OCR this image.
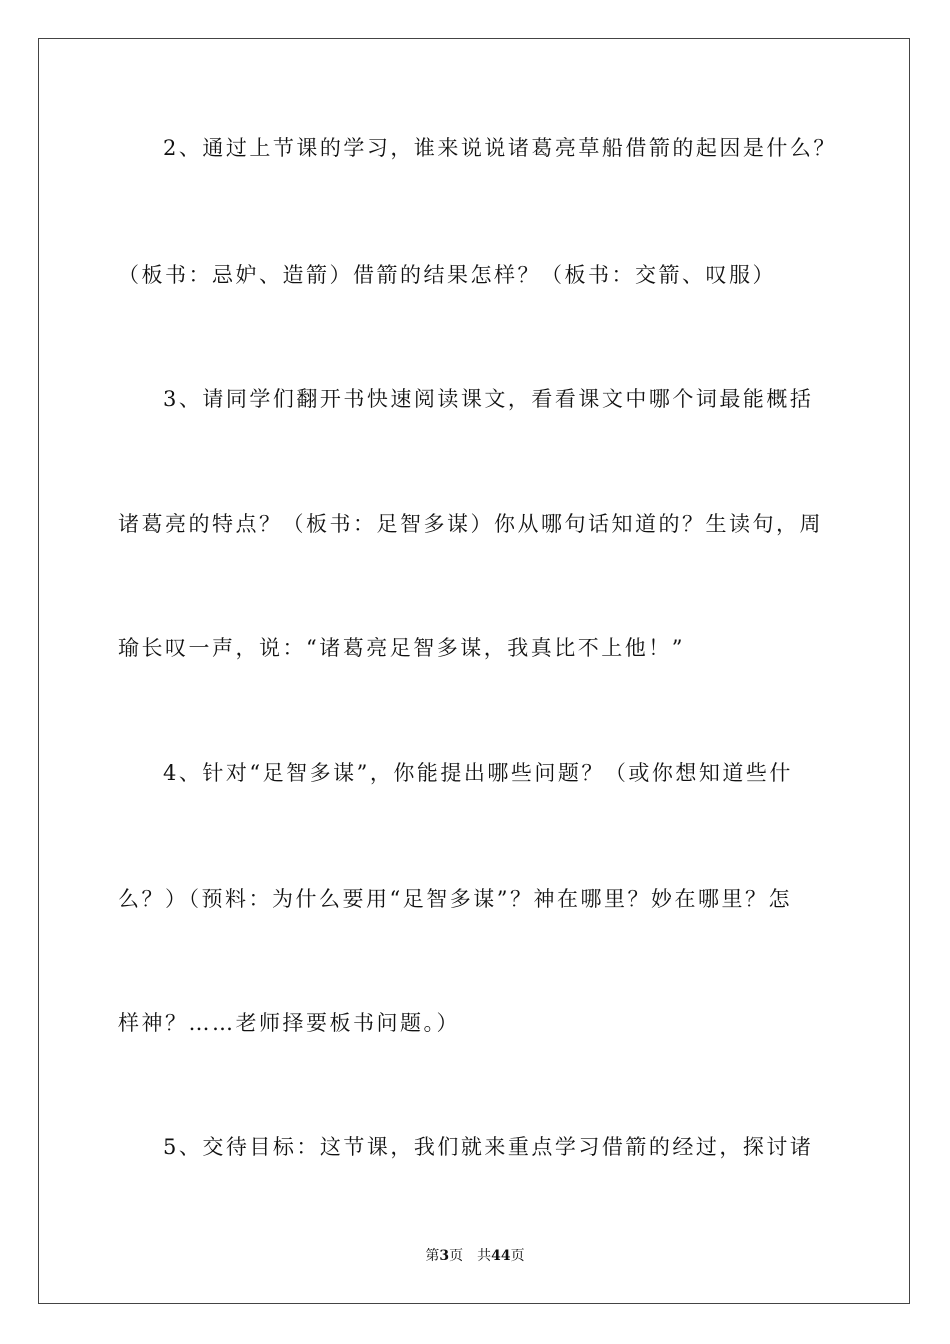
2、通过上节课的学习，谁来说说诸葛亮草船借箭的起因是什么？
（板书：忌妒、造箭）借箭的结果怎样？（板书：交箭、叹服）
3、请同学们翻开书快速阅读课文，看看课文中哪个词最能概括
诸葛亮的特点？（板书：足智多谋）你从哪句话知道的？生读句，周
瑜长叹一声，说：“诸葛亮足智多谋，我真比不上他！”
4、针对“足智多谋”，你能提出哪些问题？（或你想知道些什
么？）（预料：为什么要用“足智多谋”？神在哪里？妙在哪里？怎
样神？……老师择要板书问题。）
5、交待目标：这节课，我们就来重点学习借箭的经过，探讨诸
第3页 共44页
